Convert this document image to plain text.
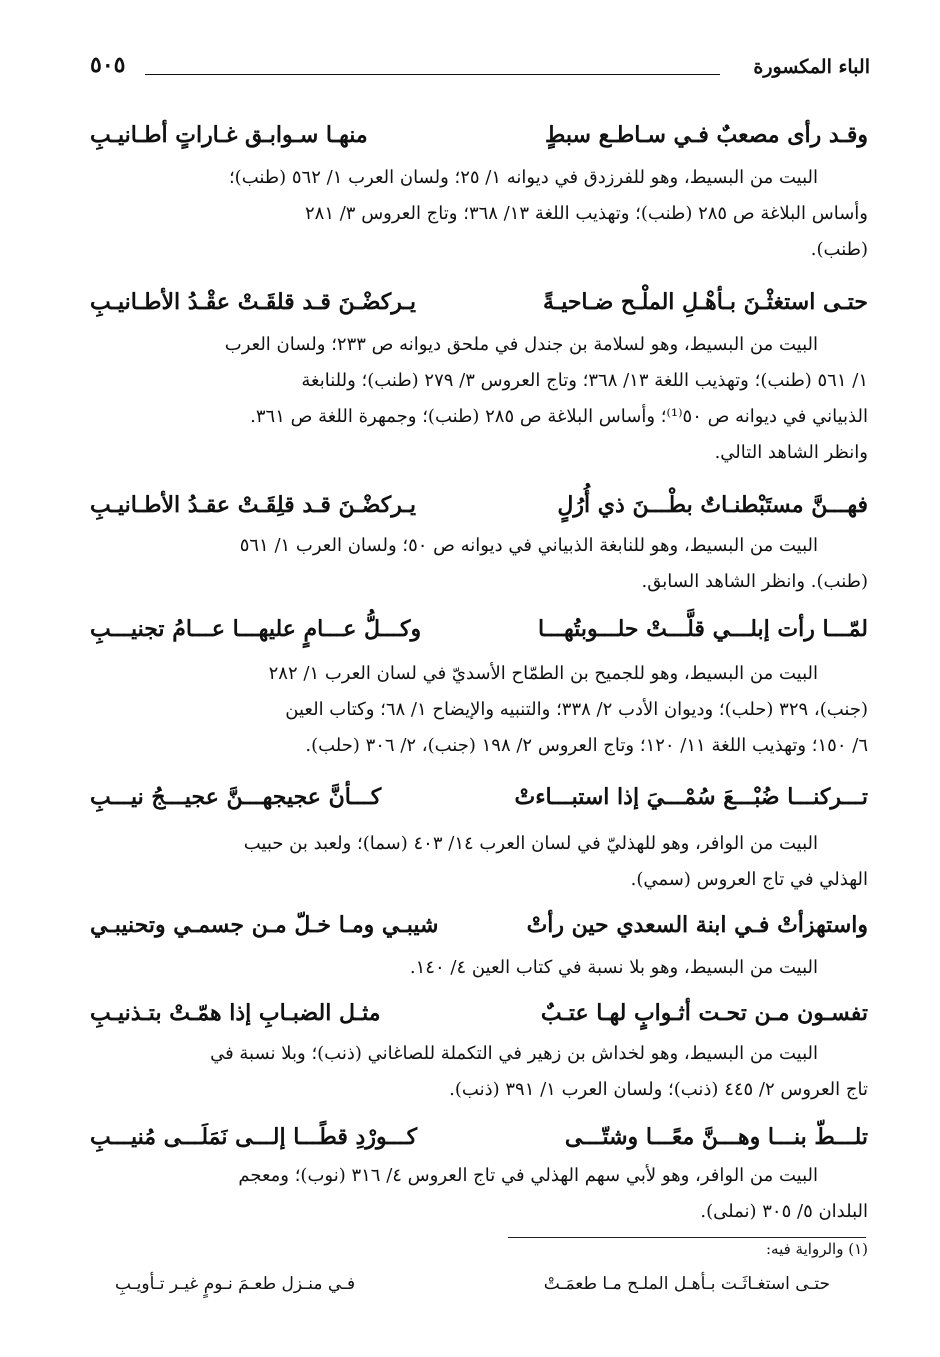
الباء المكسورة
٥٠٥
وقـد رأى مصعبٌ فـي سـاطـع سبطٍ
منهـا سـوابـق غـاراتٍ أطـانيـبِ

البيت من البسيط، وهو للفرزدق في ديوانه ١/ ٢٥؛ ولسان العرب ١/ ٥٦٢ (طنب)؛

وأساس البلاغة ص ٢٨٥ (طنب)؛ وتهذيب اللغة ١٣/ ٣٦٨؛ وتاج العروس ٣/ ٢٨١

(طنب).

حتـى استغثْـنَ بـأهْـلِ الملْـح ضـاحيـةً
يـركضْـنَ قـد قلقَـتْ عقْـدُ الأطـانيـبِ

البيت من البسيط، وهو لسلامة بن جندل في ملحق ديوانه ص ٢٣٣؛ ولسان العرب

١/ ٥٦١ (طنب)؛ وتهذيب اللغة ١٣/ ٣٦٨؛ وتاج العروس ٣/ ٢٧٩ (طنب)؛ وللنابغة

الذبياني في ديوانه ص ٥٠⁽¹⁾؛ وأساس البلاغة ص ٢٨٥ (طنب)؛ وجمهرة اللغة ص ٣٦١.

وانظر الشاهد التالي.

فهـــنَّ مستَبْطنـاتٌ بطْـــنَ ذي أُرُلٍ
يـركضْـنَ قـد قلِقَـتْ عقـدُ الأطـانيـبِ

البيت من البسيط، وهو للنابغة الذبياني في ديوانه ص ٥٠؛ ولسان العرب ١/ ٥٦١

(طنب). وانظر الشاهد السابق.

لمّـــا رأت إبلـــي قلَّـــتْ حلـــوبتُهـــا
وكـــلُّ عـــامٍ عليهـــا عـــامُ تجنيـــبِ

البيت من البسيط، وهو للجميح بن الطمّاح الأسديّ في لسان العرب ١/ ٢٨٢

(جنب)، ٣٢٩ (حلب)؛ وديوان الأدب ٢/ ٣٣٨؛ والتنبيه والإيضاح ١/ ٦٨؛ وكتاب العين

٦/ ١٥٠؛ وتهذيب اللغة ١١/ ١٢٠؛ وتاج العروس ٢/ ١٩٨ (جنب)، ٢/ ٣٠٦ (حلب).

تـــركنـــا ضُبْـــعَ سُمْـــيَ إذا استبـــاءتْ
كـــأنَّ عجيجهـــنَّ عجيـــجُ نيـــبِ

البيت من الوافر، وهو للهذليّ في لسان العرب ١٤/ ٤٠٣ (سما)؛ ولعبد بن حبيب

الهذلي في تاج العروس (سمي).

واستهزأتْ فـي ابنة السعدي حين رأتْ
شيبـي ومـا خـلّ مـن جسمـي وتحنيبـي

البيت من البسيط، وهو بلا نسبة في كتاب العين ٤/ ١٤٠.

تفسـون مـن تحـت أثـوابٍ لهـا عتـبٌ
مثـل الضبـابِ إذا همّـتْ بتـذنيـبِ

البيت من البسيط، وهو لخداش بن زهير في التكملة للصاغاني (ذنب)؛ وبلا نسبة في

تاج العروس ٢/ ٤٤٥ (ذنب)؛ ولسان العرب ١/ ٣٩١ (ذنب).

تلـــطّ بنـــا وهـــنَّ معًـــا وشتّـــى
كـــورْدِ قطًـــا إلـــى نَمَلَـــى مُنيـــبِ

البيت من الوافر، وهو لأبي سهم الهذلي في تاج العروس ٤/ ٣١٦ (نوب)؛ ومعجم

البلدان ٥/ ٣٠٥ (نملى).

(١) والرواية فيه:
حتـى استغـاثَـت بـأهـل الملـح مـا طعمَـتْ
فـي منـزل طعـمَ نـومٍ غيـر تـأويـبِ
